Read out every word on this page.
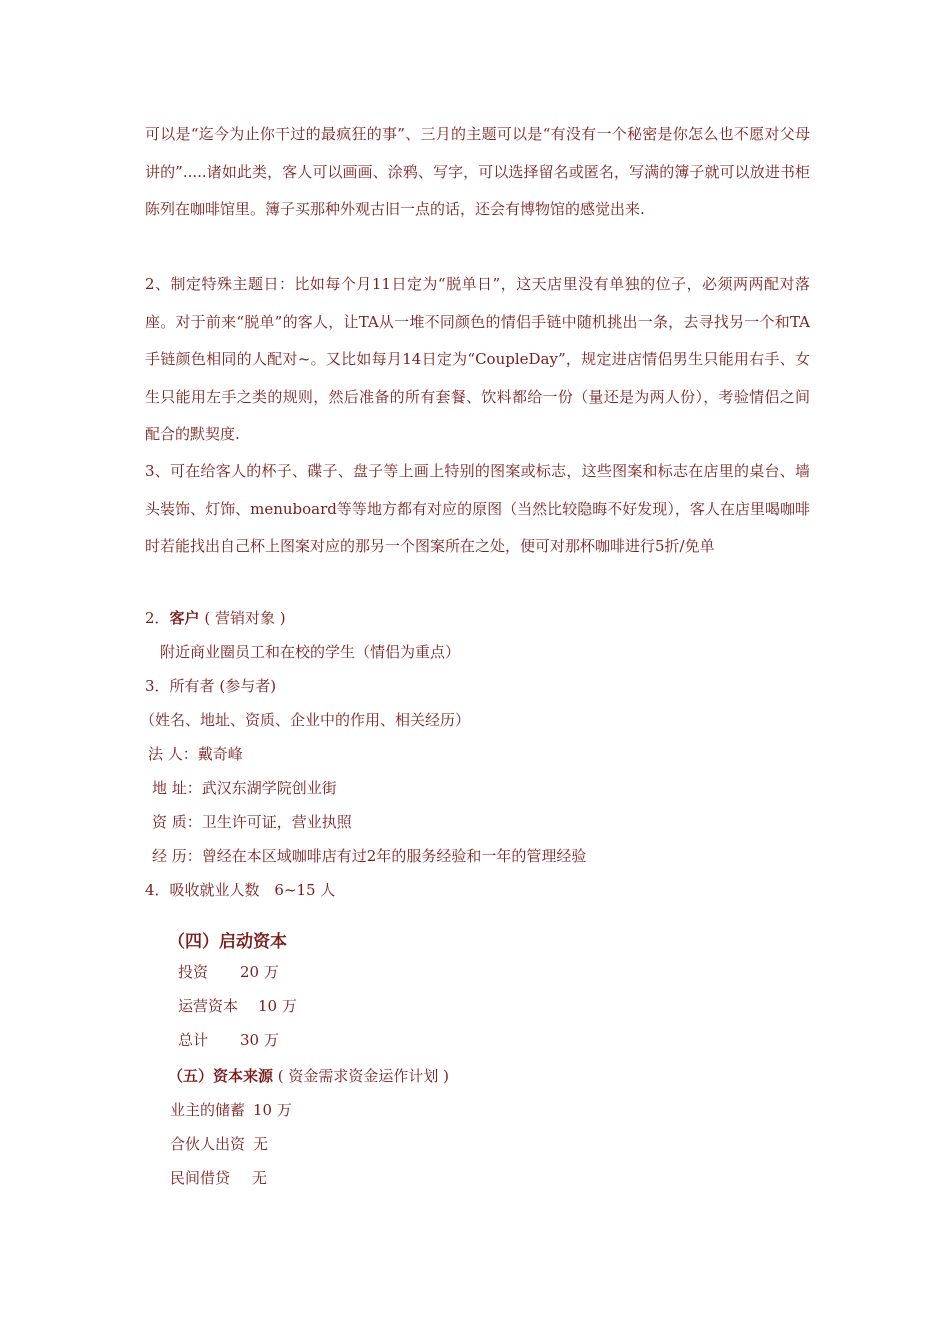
可以是“迄今为止你干过的最疯狂的事”、三月的主题可以是“有没有一个秘密是你怎么也不愿对父母讲的”.....诸如此类，客人可以画画、涂鸦、写字，可以选择留名或匿名，写满的簿子就可以放进书柜陈列在咖啡馆里。簿子买那种外观古旧一点的话，还会有博物馆的感觉出来.

2、制定特殊主题日：比如每个月11日定为“脱单日”，这天店里没有单独的位子，必须两两配对落座。对于前来“脱单”的客人，让TA从一堆不同颜色的情侣手链中随机挑出一条，去寻找另一个和TA手链颜色相同的人配对~。又比如每月14日定为“CoupleDay”，规定进店情侣男生只能用右手、女生只能用左手之类的规则，然后准备的所有套餐、饮料都给一份（量还是为两人份），考验情侣之间配合的默契度.

3、可在给客人的杯子、碟子、盘子等上画上特别的图案或标志，这些图案和标志在店里的桌台、墙头装饰、灯饰、menuboard等等地方都有对应的原图（当然比较隐晦不好发现），客人在店里喝咖啡时若能找出自己杯上图案对应的那另一个图案所在之处，便可对那杯咖啡进行5折/免单

2．客户 ( 营销对象 )
附近商业圈员工和在校的学生（情侣为重点）
3．所有者 (参与者)
（姓名、地址、资质、企业中的作用、相关经历）
法 人：戴奇峰
地 址：武汉东湖学院创业街
资 质：卫生许可证，营业执照
经 历：曾经在本区域咖啡店有过2年的服务经验和一年的管理经验
4．吸收就业人数 6~15 人
（四）启动资本
投资 20 万
运营资本 10 万
总计 30 万
（五）资本来源 ( 资金需求资金运作计划 )
业主的储蓄 10 万
合伙人出资 无
民间借贷 无
